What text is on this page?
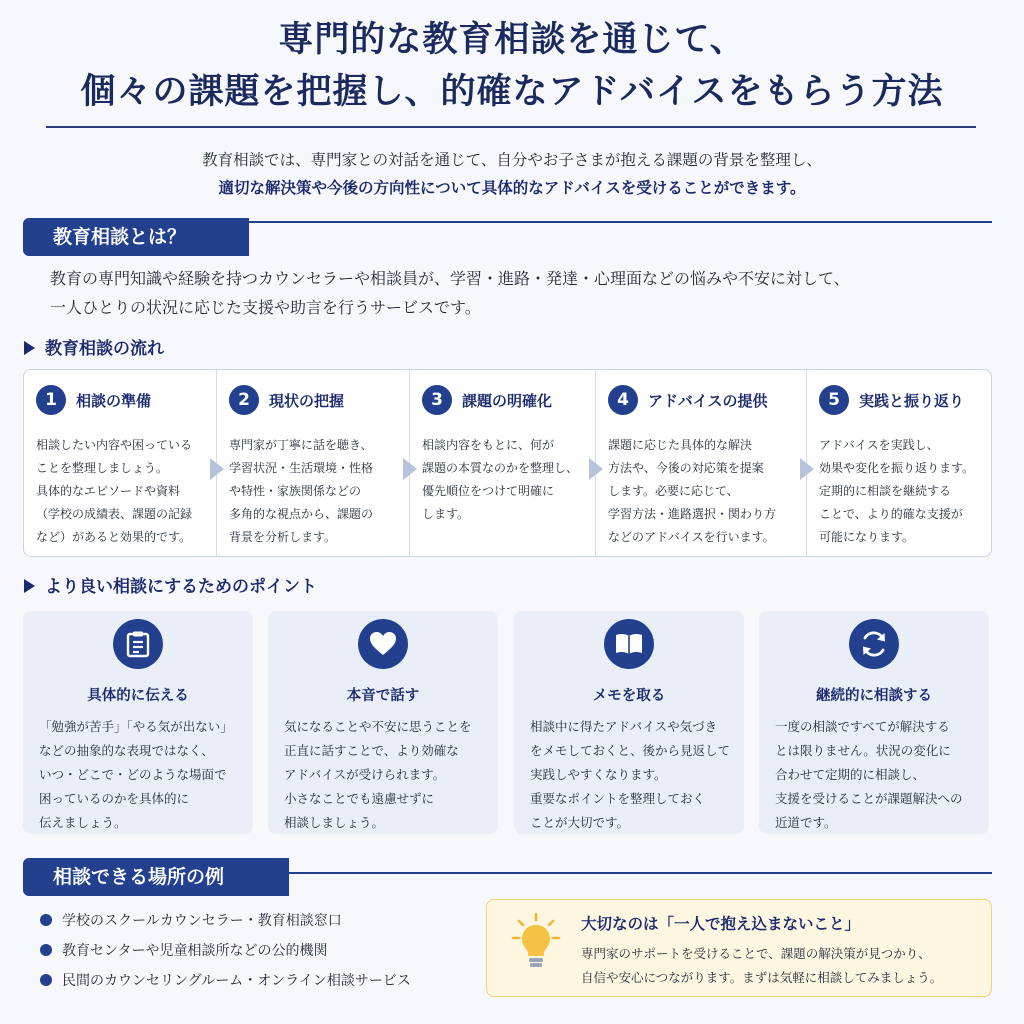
専門的な教育相談を通じて、
個々の課題を把握し、的確なアドバイスをもらう方法
教育相談では、専門家との対話を通じて、自分やお子さまが抱える課題の背景を整理し、
適切な解決策や今後の方向性について具体的なアドバイスを受けることができます。
教育相談とは？
教育の専門知識や経験を持つカウンセラーや相談員が、学習・進路・発達・心理面などの悩みや不安に対して、
一人ひとりの状況に応じた支援や助言を行うサービスです。
教育相談の流れ
1	相談の準備
相談したい内容や困っている
ことを整理しましょう。
具体的なエピソードや資料
（学校の成績表、課題の記録
など）があると効果的です。
2	現状の把握
専門家が丁寧に話を聴き、
学習状況・生活環境・性格
や特性・家族関係などの
多角的な視点から、課題の
背景を分析します。
3	課題の明確化
相談内容をもとに、何が
課題の本質なのかを整理し、
優先順位をつけて明確に
します。
4	アドバイスの提供
課題に応じた具体的な解決
方法や、今後の対応策を提案
します。必要に応じて、
学習方法・進路選択・関わり方
などのアドバイスを行います。
5	実践と振り返り
アドバイスを実践し、
効果や変化を振り返ります。
定期的に相談を継続する
ことで、より的確な支援が
可能になります。
より良い相談にするためのポイント
具体的に伝える
「勉強が苦手」「やる気が出ない」
などの抽象的な表現ではなく、
いつ・どこで・どのような場面で
困っているのかを具体的に
伝えましょう。
本音で話す
気になることや不安に思うことを
正直に話すことで、より効確な
アドバイスが受けられます。
小さなことでも遠慮せずに
相談しましょう。
メモを取る
相談中に得たアドバイスや気づき
をメモしておくと、後から見返して
実践しやすくなります。
重要なポイントを整理しておく
ことが大切です。
継続的に相談する
一度の相談ですべてが解決する
とは限りません。状況の変化に
合わせて定期的に相談し、
支援を受けることが課題解決への
近道です。
相談できる場所の例
学校のスクールカウンセラー・教育相談窓口
教育センターや児童相談所などの公的機関
民間のカウンセリングルーム・オンライン相談サービス
大切なのは「一人で抱え込まないこと」
専門家のサポートを受けることで、課題の解決策が見つかり、
自信や安心につながります。まずは気軽に相談してみましょう。
